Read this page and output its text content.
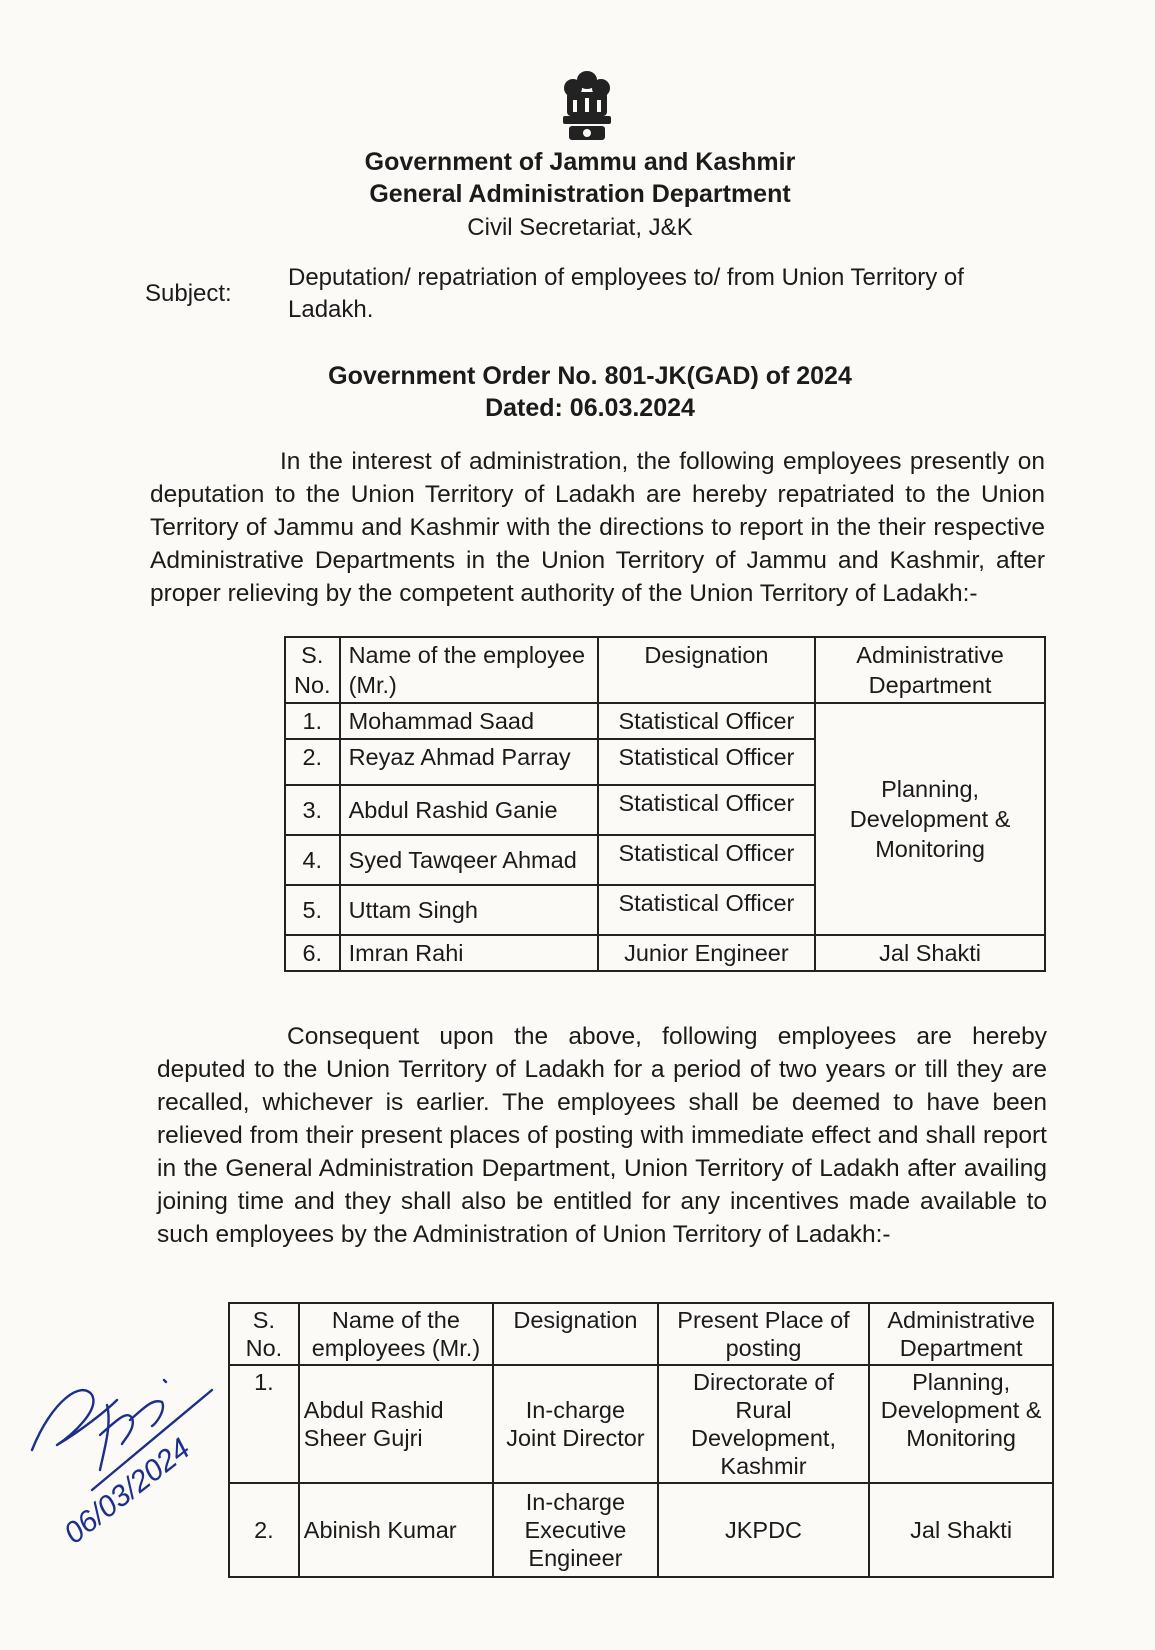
Government of Jammu and Kashmir
General Administration Department
Civil Secretariat, J&K
Subject:
Deputation/ repatriation of employees to/ from Union Territory of Ladakh.
Government Order No. 801-JK(GAD) of 2024
Dated: 06.03.2024
In the interest of administration, the following employees presently on deputation to the Union Territory of Ladakh are hereby repatriated to the Union Territory of Jammu and Kashmir with the directions to report in the their respective Administrative Departments in the Union Territory of Jammu and Kashmir, after proper relieving by the competent authority of the Union Territory of Ladakh:-
S. No.	Name of the employee (Mr.)	Designation	Administrative Department
1.	Mohammad Saad	Statistical Officer	Planning, Development & Monitoring
2.	Reyaz Ahmad Parray	Statistical Officer	
3.	Abdul Rashid Ganie	Statistical Officer	
4.	Syed Tawqeer Ahmad	Statistical Officer	
5.	Uttam Singh	Statistical Officer	
6.	Imran Rahi	Junior Engineer	Jal Shakti
Consequent upon the above, following employees are hereby deputed to the Union Territory of Ladakh for a period of two years or till they are recalled, whichever is earlier. The employees shall be deemed to have been relieved from their present places of posting with immediate effect and shall report in the General Administration Department, Union Territory of Ladakh after availing joining time and they shall also be entitled for any incentives made available to such employees by the Administration of Union Territory of Ladakh:-
S. No.	Name of the employees (Mr.)	Designation	Present Place of posting	Administrative Department
1.	Abdul Rashid Sheer Gujri	In-charge Joint Director	Directorate of Rural Development, Kashmir	Planning, Development & Monitoring
2.	Abinish Kumar	In-charge Executive Engineer	JKPDC	Jal Shakti
06/03/2024
